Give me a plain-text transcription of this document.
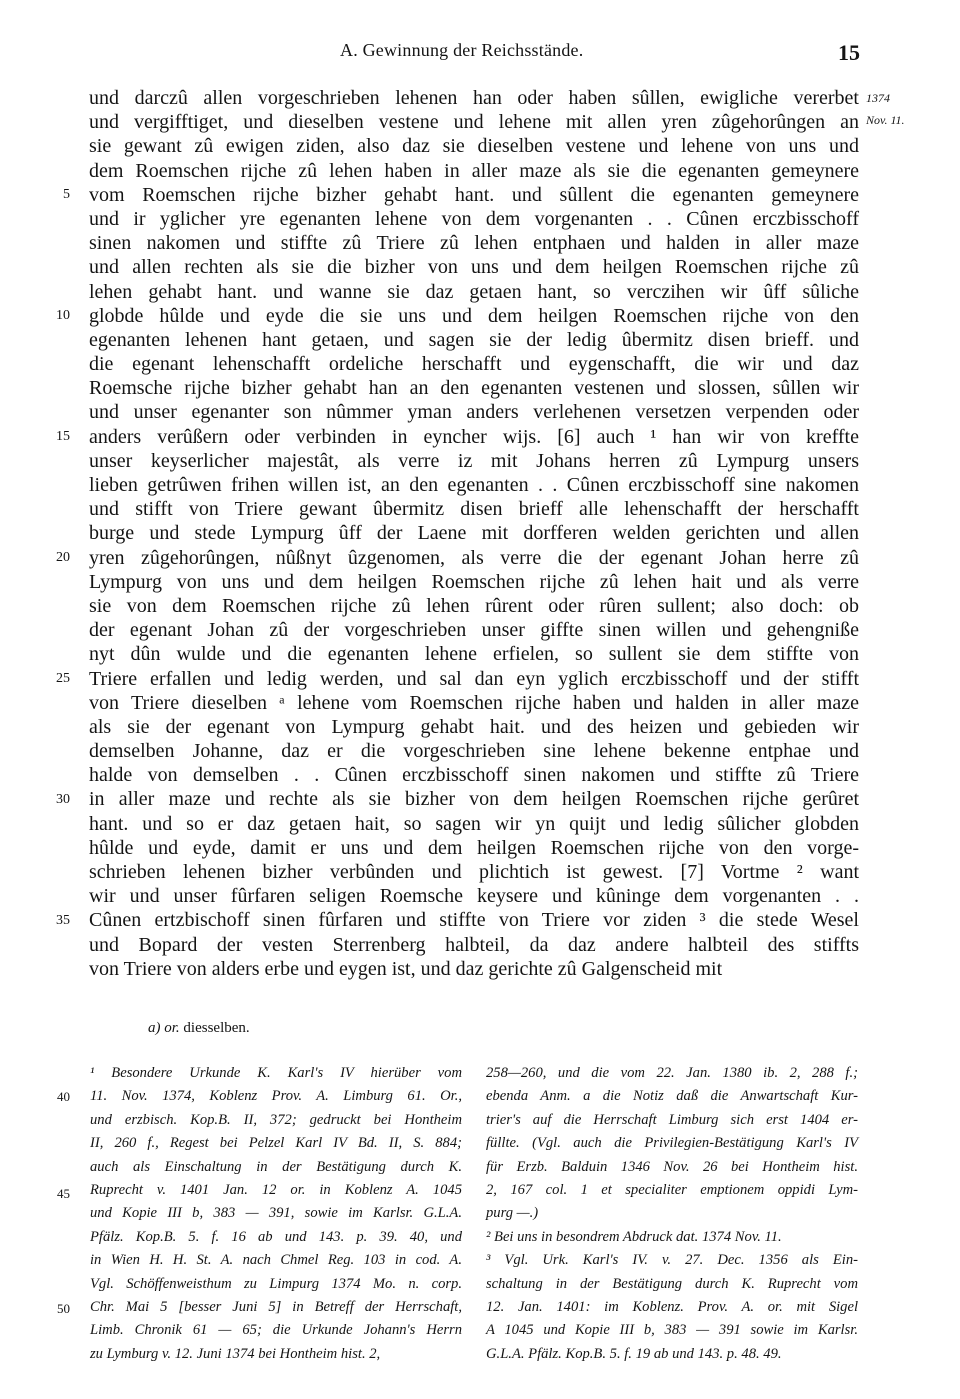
A. Gewinnung der Reichsstände.	15
1374
Nov. 11.
5
10
15
20
25
30
35
und darczû allen vorgeschrieben lehenen han oder haben sûllen, ewigliche vererbet
und vergifftiget, und dieselben vestene und lehene mit allen yren zûgehorûngen an
sie gewant zû ewigen ziden, also daz sie dieselben vestene und lehene von uns und
dem Roemschen rijche zû lehen haben in aller maze als sie die egenanten gemeynere
vom Roemschen rijche bizher gehabt hant. und sûllent die egenanten gemeynere
und ir yglicher yre egenanten lehene von dem vorgenanten . . Cûnen erczbisschoff
sinen nakomen und stiffte zû Triere zû lehen entphaen und halden in aller maze
und allen rechten als sie die bizher von uns und dem heilgen Roemschen rijche zû
lehen gehabt hant. und wanne sie daz getaen hant, so verczihen wir ûff sûliche
globde hûlde und eyde die sie uns und dem heilgen Roemschen rijche von den
egenanten lehenen hant getaen, und sagen sie der ledig ûbermitz disen brieff. und
die egenant lehenschafft ordeliche herschafft und eygenschafft, die wir und daz
Roemsche rijche bizher gehabt han an den egenanten vestenen und slossen, sûllen wir
und unser egenanter son nûmmer yman anders verlehenen versetzen verpenden oder
anders verûßern oder verbinden in eyncher wijs. [6] auch ¹ han wir von kreffte
unser keyserlicher majestât, als verre iz mit Johans herren zû Lympurg unsers
lieben getrûwen frihen willen ist, an den egenanten . . Cûnen erczbisschoff sine nakomen
und stifft von Triere gewant ûbermitz disen brieff alle lehenschafft der herschafft
burge und stede Lympurg ûff der Laene mit dorfferen welden gerichten und allen
yren zûgehorûngen, nûßnyt ûzgenomen, als verre die der egenant Johan herre zû
Lympurg von uns und dem heilgen Roemschen rijche zû lehen hait und als verre
sie von dem Roemschen rijche zû lehen rûrent oder rûren sullent; also doch: ob
der egenant Johan zû der vorgeschrieben unser giffte sinen willen und gehengniße
nyt dûn wulde und die egenanten lehene erfielen, so sullent sie dem stiffte von
Triere erfallen und ledig werden, und sal dan eyn yglich erczbisschoff und der stifft
von Triere dieselben ᵃ lehene vom Roemschen rijche haben und halden in aller maze
als sie der egenant von Lympurg gehabt hait. und des heizen und gebieden wir
demselben Johanne, daz er die vorgeschrieben sine lehene bekenne entphae und
halde von demselben . . Cûnen erczbisschoff sinen nakomen und stiffte zû Triere
in aller maze und rechte als sie bizher von dem heilgen Roemschen rijche gerûret
hant. und so er daz getaen hait, so sagen wir yn quijt und ledig sûlicher globden
hûlde und eyde, damit er uns und dem heilgen Roemschen rijche von den vorge-
schrieben lehenen bizher verbûnden und plichtich ist gewest. [7] Vortme ² want
wir und unser fûrfaren seligen Roemsche keysere und kûninge dem vorgenanten . .
Cûnen ertzbischoff sinen fûrfaren und stiffte von Triere vor ziden ³ die stede Wesel
und Bopard der vesten Sterrenberg halbteil, da daz andere halbteil des stiffts
von Triere von alders erbe und eygen ist, und daz gerichte zû Galgenscheid mit
a) or. diesselben.
40
45
50
¹ Besondere Urkunde K. Karl's IV hierüber vom
11. Nov. 1374, Koblenz Prov. A. Limburg 61. Or.,
und erzbisch. Kop.B. II, 372; gedruckt bei Hontheim
II, 260 f., Regest bei Pelzel Karl IV Bd. II, S. 884;
auch als Einschaltung in der Bestätigung durch K.
Ruprecht v. 1401 Jan. 12 or. in Koblenz A. 1045
und Kopie III b, 383 — 391, sowie im Karlsr. G.L.A.
Pfälz. Kop.B. 5. f. 16 ab und 143. p. 39. 40, und
in Wien H. H. St. A. nach Chmel Reg. 103 in cod. A.
Vgl. Schöffenweisthum zu Limpurg 1374 Mo. n. corp.
Chr. Mai 5 [besser Juni 5] in Betreff der Herrschaft,
Limb. Chronik 61 — 65; die Urkunde Johann's Herrn
zu Lymburg v. 12. Juni 1374 bei Hontheim hist. 2,
258—260, und die vom 22. Jan. 1380 ib. 2, 288 f.;
ebenda Anm. a die Notiz daß die Anwartschaft Kur-
trier's auf die Herrschaft Limburg sich erst 1404 er-
füllte. (Vgl. auch die Privilegien-Bestätigung Karl's IV
für Erzb. Balduin 1346 Nov. 26 bei Hontheim hist.
2, 167 col. 1 et specialiter emptionem oppidi Lym-
purg —.)
² Bei uns in besondrem Abdruck dat. 1374 Nov. 11.
³ Vgl. Urk. Karl's IV. v. 27. Dec. 1356 als Ein-
schaltung in der Bestätigung durch K. Ruprecht vom
12. Jan. 1401: im Koblenz. Prov. A. or. mit Sigel
A 1045 und Kopie III b, 383 — 391 sowie im Karlsr.
G.L.A. Pfälz. Kop.B. 5. f. 19 ab und 143. p. 48. 49.
